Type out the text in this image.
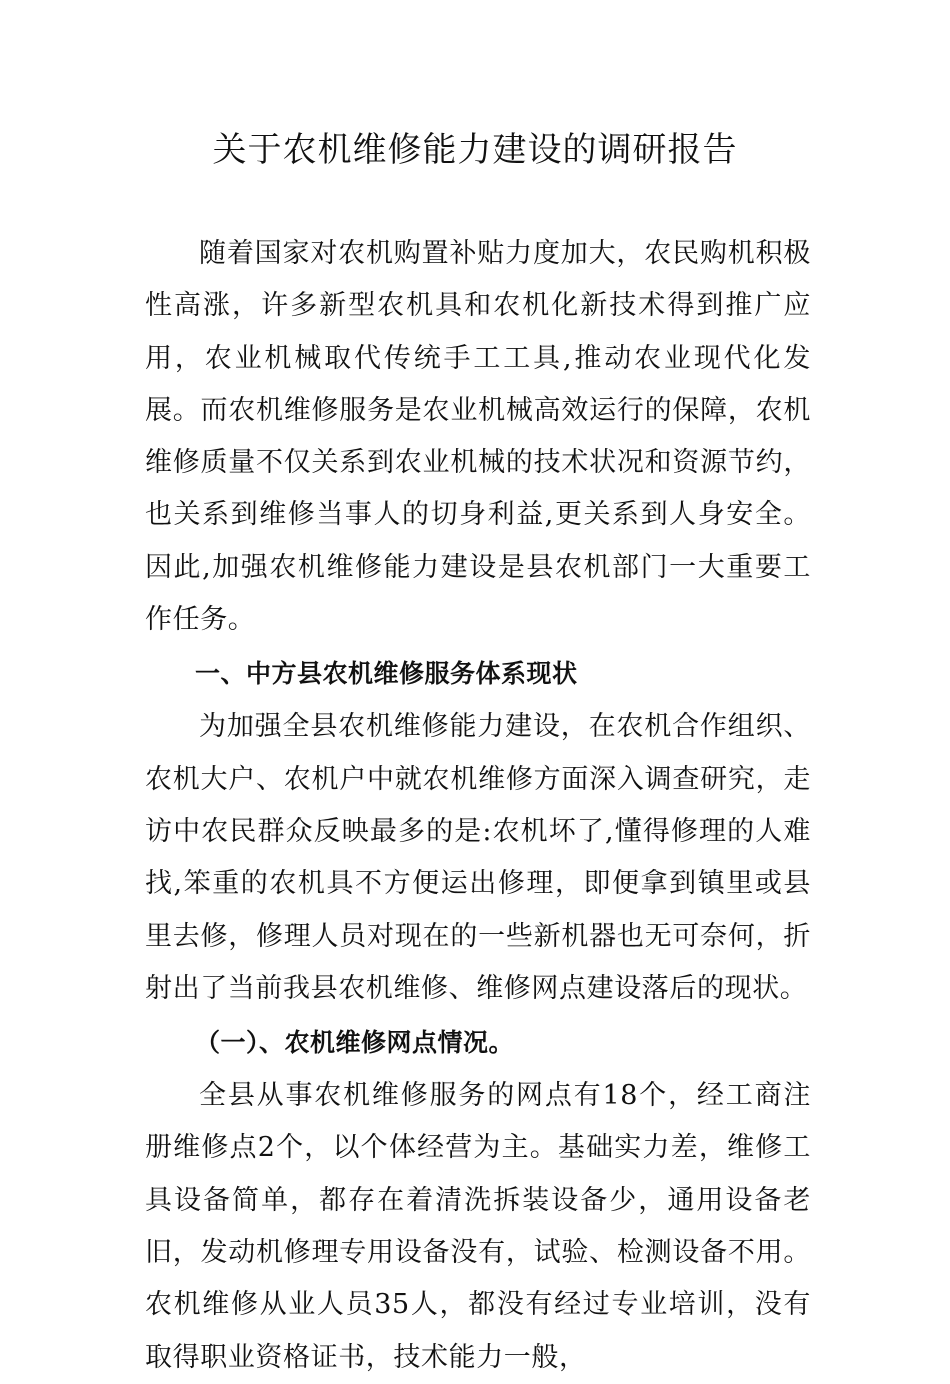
关于农机维修能力建设的调研报告

随着国家对农机购置补贴力度加大，农民购机积极性高涨，许多新型农机具和农机化新技术得到推广应用，农业机械取代传统手工工具,推动农业现代化发展。而农机维修服务是农业机械高效运行的保障，农机维修质量不仅关系到农业机械的技术状况和资源节约，也关系到维修当事人的切身利益,更关系到人身安全。因此,加强农机维修能力建设是县农机部门一大重要工作任务。

一、中方县农机维修服务体系现状

为加强全县农机维修能力建设，在农机合作组织、农机大户、农机户中就农机维修方面深入调查研究，走访中农民群众反映最多的是:农机坏了,懂得修理的人难找,笨重的农机具不方便运出修理，即便拿到镇里或县里去修，修理人员对现在的一些新机器也无可奈何，折射出了当前我县农机维修、维修网点建设落后的现状。

（一）、农机维修网点情况。

全县从事农机维修服务的网点有18个，经工商注册维修点2个，以个体经营为主。基础实力差，维修工具设备简单，都存在着清洗拆装设备少，通用设备老旧，发动机修理专用设备没有，试验、检测设备不用。农机维修从业人员35人，都没有经过专业培训，没有取得职业资格证书，技术能力一般，
